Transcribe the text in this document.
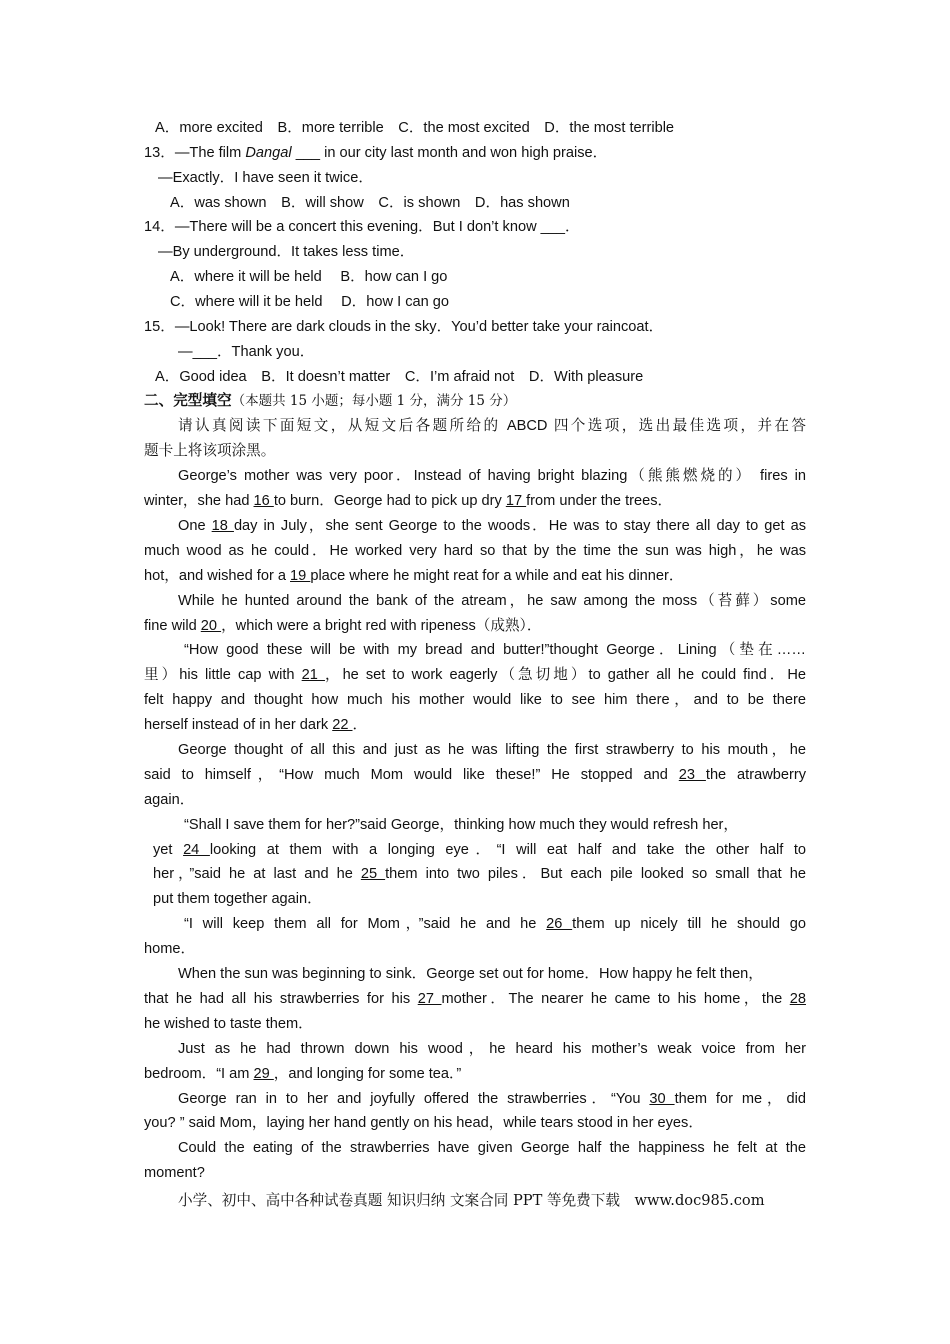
A．more excited　B．more terrible　C．the most excited　D．the most terrible
13．—The film Dangal ___ in our city last month and won high praise．
—Exactly．I have seen it twice．
A．was shown　B．will show　C．is shown　D．has shown
14．—There will be a concert this evening．But I don’t know ___．
—By underground．It takes less time．
A．where it will be held　 B．how can I go
C．where will it be held　 D．how I can go
15．—Look! There are dark clouds in the sky．You’d better take your raincoat．
—___．Thank you．
A．Good idea　B．It doesn’t matter　C．I’m afraid not　D．With pleasure
二、完型填空（本题共 15 小题；每小题 1 分，满分 15 分）
请认真阅读下面短文，从短文后各题所给的 ABCD 四个选项，选出最佳选项，并在答
题卡上将该项涂黑。
George’s mother was very poor．Instead of having bright blazing（熊熊燃烧的） fires in
winter，she had 16 to burn．George had to pick up dry 17 from under the trees．
One 18 day in July，she sent George to the woods．He was to stay there all day to get as
much wood as he could．He worked very hard so that by the time the sun was high，he was
hot，and wished for a 19 place where he might reat for a while and eat his dinner．
While he hunted around the bank of the atream，he saw among the moss（苔藓）some
fine wild 20 ，which were a bright red with ripeness（成熟）．
“How good these will be with my bread and butter!”thought George．Lining（垫在……
里）his little cap with 21 ，he set to work eagerly（急切地）to gather all he could find．He
felt happy and thought how much his mother would like to see him there，and to be there
herself instead of in her dark 22 ．
George thought of all this and just as he was lifting the first strawberry to his mouth，he
said to himself，“How much Mom would like these!” He stopped and 23 the atrawberry
again．
“Shall I save them for her?”said George，thinking how much they would refresh her，
yet 24 looking at them with a longing eye．“I will eat half and take the other half to
her，”said he at last and he 25 them into two piles．But each pile looked so small that he
put them together again．
“I will keep them all for Mom，”said he and he 26 them up nicely till he should go
home．
When the sun was beginning to sink．George set out for home．How happy he felt then，
that he had all his strawberries for his 27 mother．The nearer he came to his home，the 28
he wished to taste them．
Just as he had thrown down his wood，he heard his mother’s weak voice from her
bedroom．“I am 29 ，and longing for some tea．”
George ran in to her and joyfully offered the strawberries．“You 30 them for me，did
you? ” said Mom，laying her hand gently on his head，while tears stood in her eyes．
Could the eating of the strawberries have given George half the happiness he felt at the
moment?
小学、初中、高中各种试卷真题 知识归纳 文案合同 PPT 等免费下载　www.doc985.com
